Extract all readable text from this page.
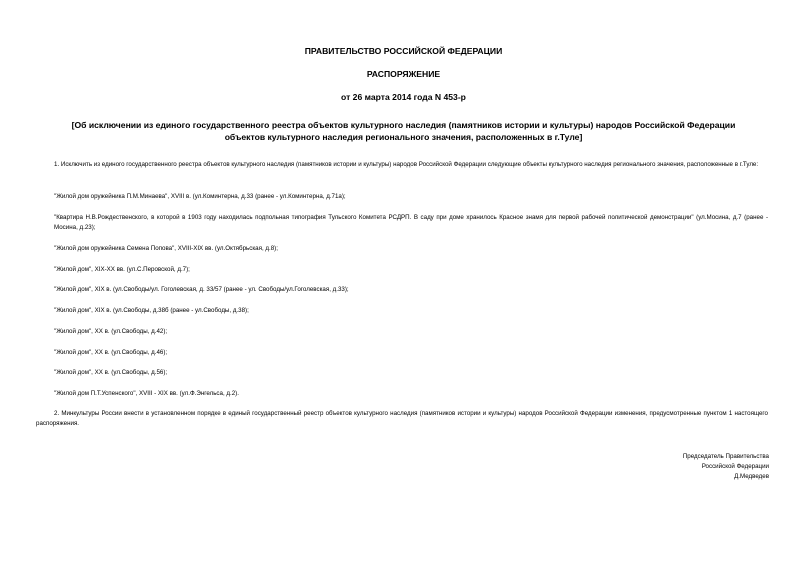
ПРАВИТЕЛЬСТВО РОССИЙСКОЙ ФЕДЕРАЦИИ
РАСПОРЯЖЕНИЕ
от 26 марта 2014 года N 453-р
[Об исключении из единого государственного реестра объектов культурного наследия (памятников истории и культуры) народов Российской Федерации
объектов культурного наследия регионального значения, расположенных в г.Туле]
1. Исключить из единого государственного реестра объектов культурного наследия (памятников истории и культуры) народов Российской Федерации следующие объекты культурного наследия регионального значения, расположенные в г.Туле:
"Жилой дом оружейника П.М.Минаева", XVIII в. (ул.Коминтерна, д.33 (ранее - ул.Коминтерна, д.71а);
"Квартира Н.В.Рождественского, в которой в 1903 году находилась подпольная типография Тульского Комитета РСДРП. В саду при доме хранилось Красное знамя для первой рабочей политической демонстрации" (ул.Мосина, д.7 (ранее - Мосина, д.23);
"Жилой дом оружейника Семена Попова", XVIII-XIX вв. (ул.Октябрьская, д.8);
"Жилой дом", XIX-XX вв. (ул.С.Перовской, д.7);
"Жилой дом", XIX в. (ул.Свободы/ул. Гоголевская, д. 33/57 (ранее - ул. Свободы/ул.Гоголевская, д.33);
"Жилой дом", XIX в. (ул.Свободы, д.38б (ранее - ул.Свободы, д.38);
"Жилой дом", XX в. (ул.Свободы, д.42);
"Жилой дом", XX в. (ул.Свободы, д.46);
"Жилой дом", XX в. (ул.Свободы, д.56);
"Жилой дом П.Т.Успенского", XVIII - XIX вв. (ул.Ф.Энгельса, д.2).
2. Минкультуры России внести в установленном порядке в единый государственный реестр объектов культурного наследия (памятников истории и культуры) народов Российской Федерации изменения, предусмотренные пунктом 1 настоящего распоряжения.
Председатель Правительства
Российской Федерации
Д.Медведев
